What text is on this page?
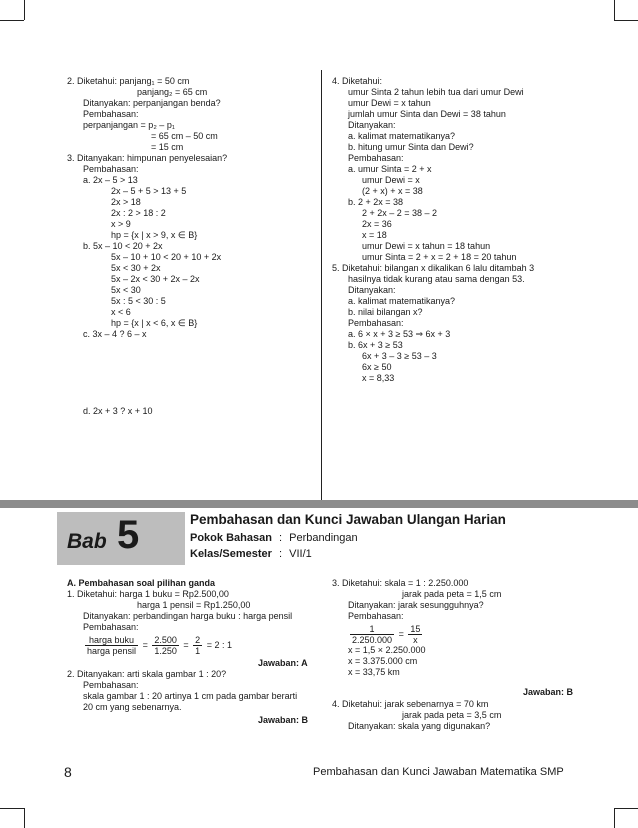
2. Diketahui: panjang₁ = 50 cm
panjang₂ = 65 cm
Ditanyakan: perpanjangan benda?
Pembahasan:
perpanjangan = p₂ – p₁
= 65 cm – 50 cm
= 15 cm
3. Ditanyakan: himpunan penyelesaian?
Pembahasan:
a. 2x – 5 > 13
2x – 5 + 5 > 13 + 5
2x > 18
2x : 2 > 18 : 2
x > 9
hp = {x | x > 9, x ∈ B}
b. 5x – 10 < 20 + 2x
5x – 10 + 10 < 20 + 10 + 2x
5x < 30 + 2x
5x – 2x < 30 + 2x – 2x
5x < 30
5x : 5 < 30 : 5
x < 6
hp = {x | x < 6, x ∈ B}
c. 3x – 4 ? 6 – x

d. 2x + 3 ? x + 10
4. Diketahui:
umur Sinta 2 tahun lebih tua dari umur Dewi
umur Dewi = x tahun
jumlah umur Sinta dan Dewi = 38 tahun
Ditanyakan:
a. kalimat matematikanya?
b. hitung umur Sinta dan Dewi?
Pembahasan:
a. umur Sinta = 2 + x
umur Dewi = x
(2 + x) + x = 38
b. 2 + 2x = 38
2 + 2x – 2 = 38 – 2
2x = 36
x = 18
umur Dewi = x tahun = 18 tahun
umur Sinta = 2 + x = 2 + 18 = 20 tahun
5. Diketahui: bilangan x dikalikan 6 lalu ditambah 3
hasilnya tidak kurang atau sama dengan 53.
Ditanyakan:
a. kalimat matematikanya?
b. nilai bilangan x?
Pembahasan:
a. 6 × x + 3 ≥ 53 ⇒ 6x + 3
b. 6x + 3 ≥ 53
6x + 3 – 3 ≥ 53 – 3
6x ≥ 50
x = 8,33
Bab 5	Pembahasan dan Kunci Jawaban Ulangan Harian
Pokok Bahasan : Perbandingan
Kelas/Semester : VII/1
A. Pembahasan soal pilihan ganda
1. Diketahui: harga 1 buku = Rp2.500,00
harga 1 pensil = Rp1.250,00
Ditanyakan: perbandingan harga buku : harga pensil
Pembahasan:
$\frac{\text{harga buku}}{\text{harga pensil}} = \frac{2.500}{1.250} = \frac{2}{1} = 2$ : 1
Jawaban: A
2. Ditanyakan: arti skala gambar 1 : 20?
Pembahasan:
skala gambar 1 : 20 artinya 1 cm pada gambar berarti
20 cm yang sebenarnya.
Jawaban: B
3. Diketahui: skala = 1 : 2.250.000
jarak pada peta = 1,5 cm
Ditanyakan: jarak sesungguhnya?
Pembahasan:
$\frac{1}{2.250.000} = \frac{15}{x}$
x = 1,5 × 2.250.000
x = 3.375.000 cm
x = 33,75 km
Jawaban: B
4. Diketahui: jarak sebenarnya = 70 km
jarak pada peta = 3,5 cm
Ditanyakan: skala yang digunakan?
8	Pembahasan dan Kunci Jawaban Matematika SMP
